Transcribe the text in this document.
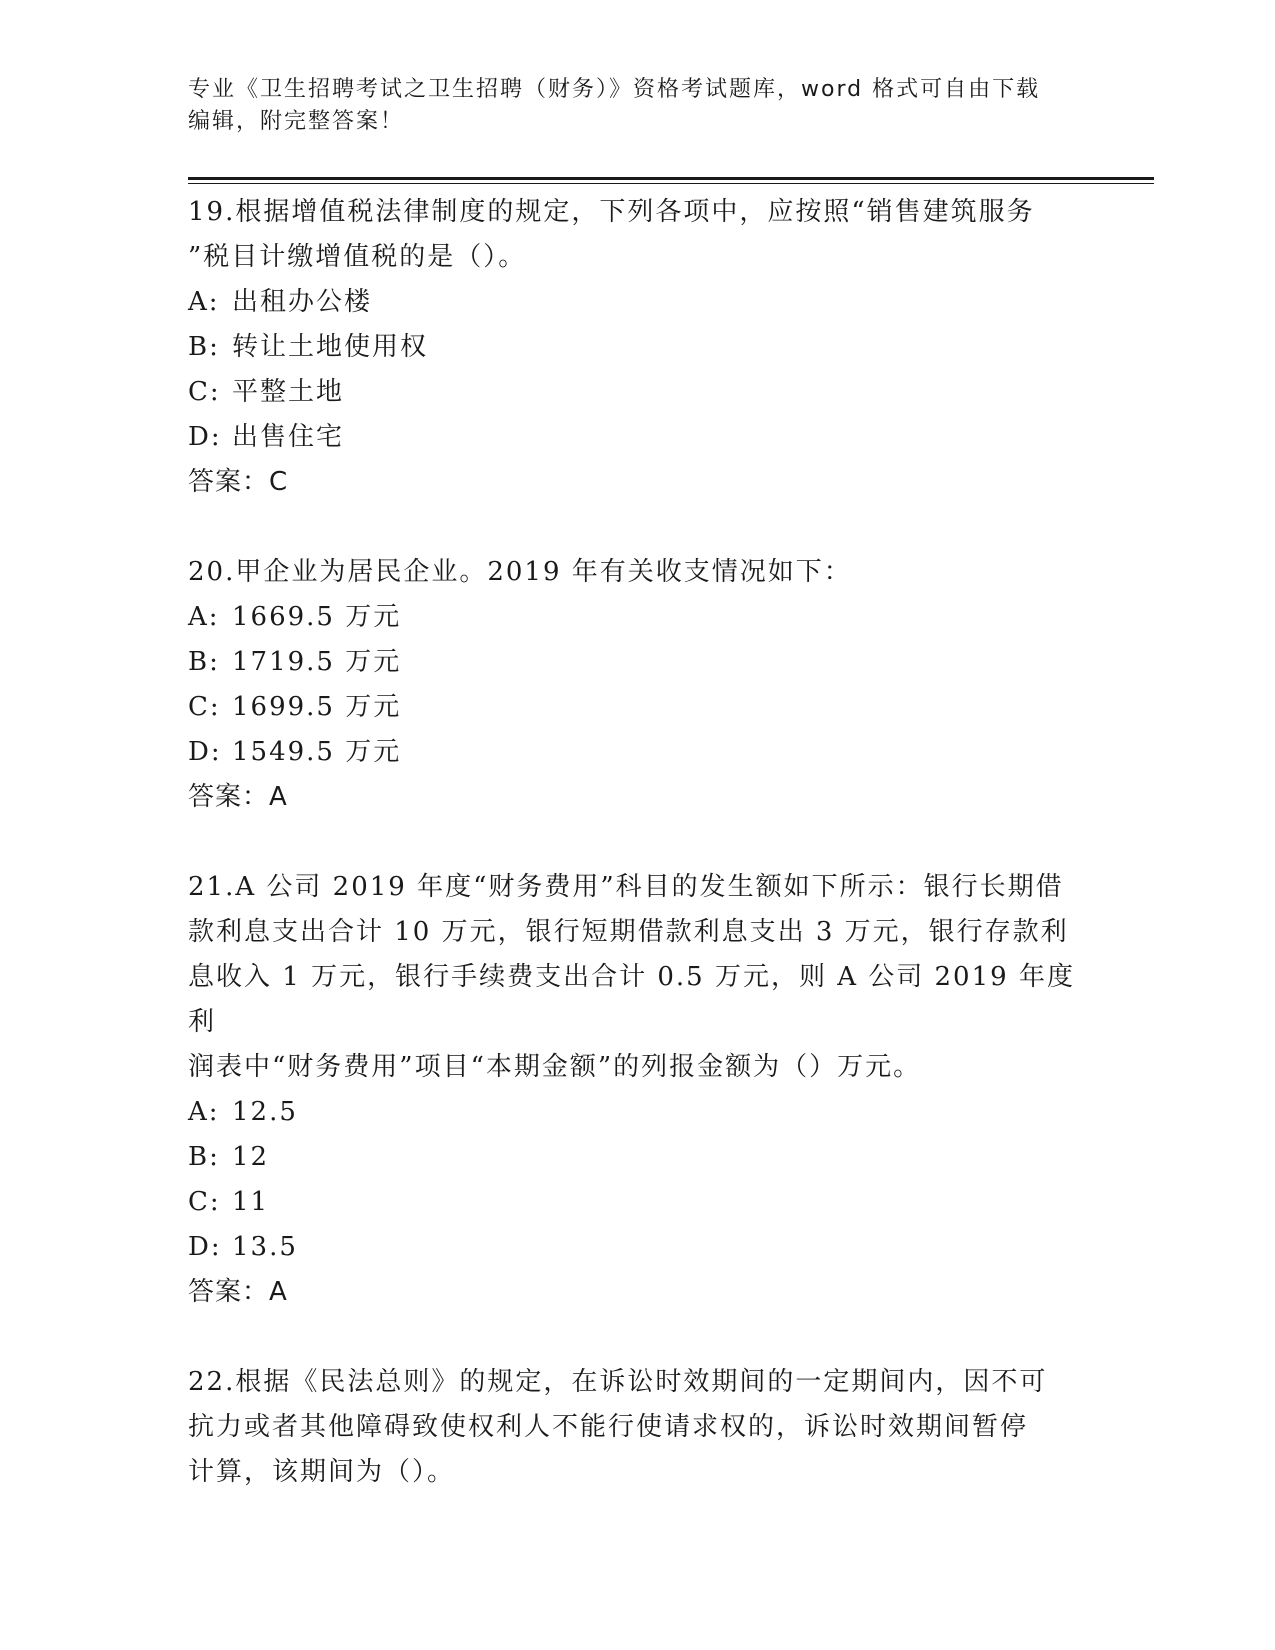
专业《卫生招聘考试之卫生招聘（财务）》资格考试题库，word 格式可自由下载
编辑，附完整答案！
19.根据增值税法律制度的规定，下列各项中，应按照“销售建筑服务
”税目计缴增值税的是（）。
A: 出租办公楼
B: 转让土地使用权
C: 平整土地
D: 出售住宅
答案：C
20.甲企业为居民企业。2019 年有关收支情况如下：
A: 1669.5 万元
B: 1719.5 万元
C: 1699.5 万元
D: 1549.5 万元
答案：A
21.A 公司 2019 年度“财务费用”科目的发生额如下所示：银行长期借
款利息支出合计 10 万元，银行短期借款利息支出 3 万元，银行存款利
息收入 1 万元，银行手续费支出合计 0.5 万元，则 A 公司 2019 年度利
润表中“财务费用”项目“本期金额”的列报金额为（）万元。
A: 12.5
B: 12
C: 11
D: 13.5
答案：A
22.根据《民法总则》的规定，在诉讼时效期间的一定期间内，因不可
抗力或者其他障碍致使权利人不能行使请求权的，诉讼时效期间暂停
计算，该期间为（）。
